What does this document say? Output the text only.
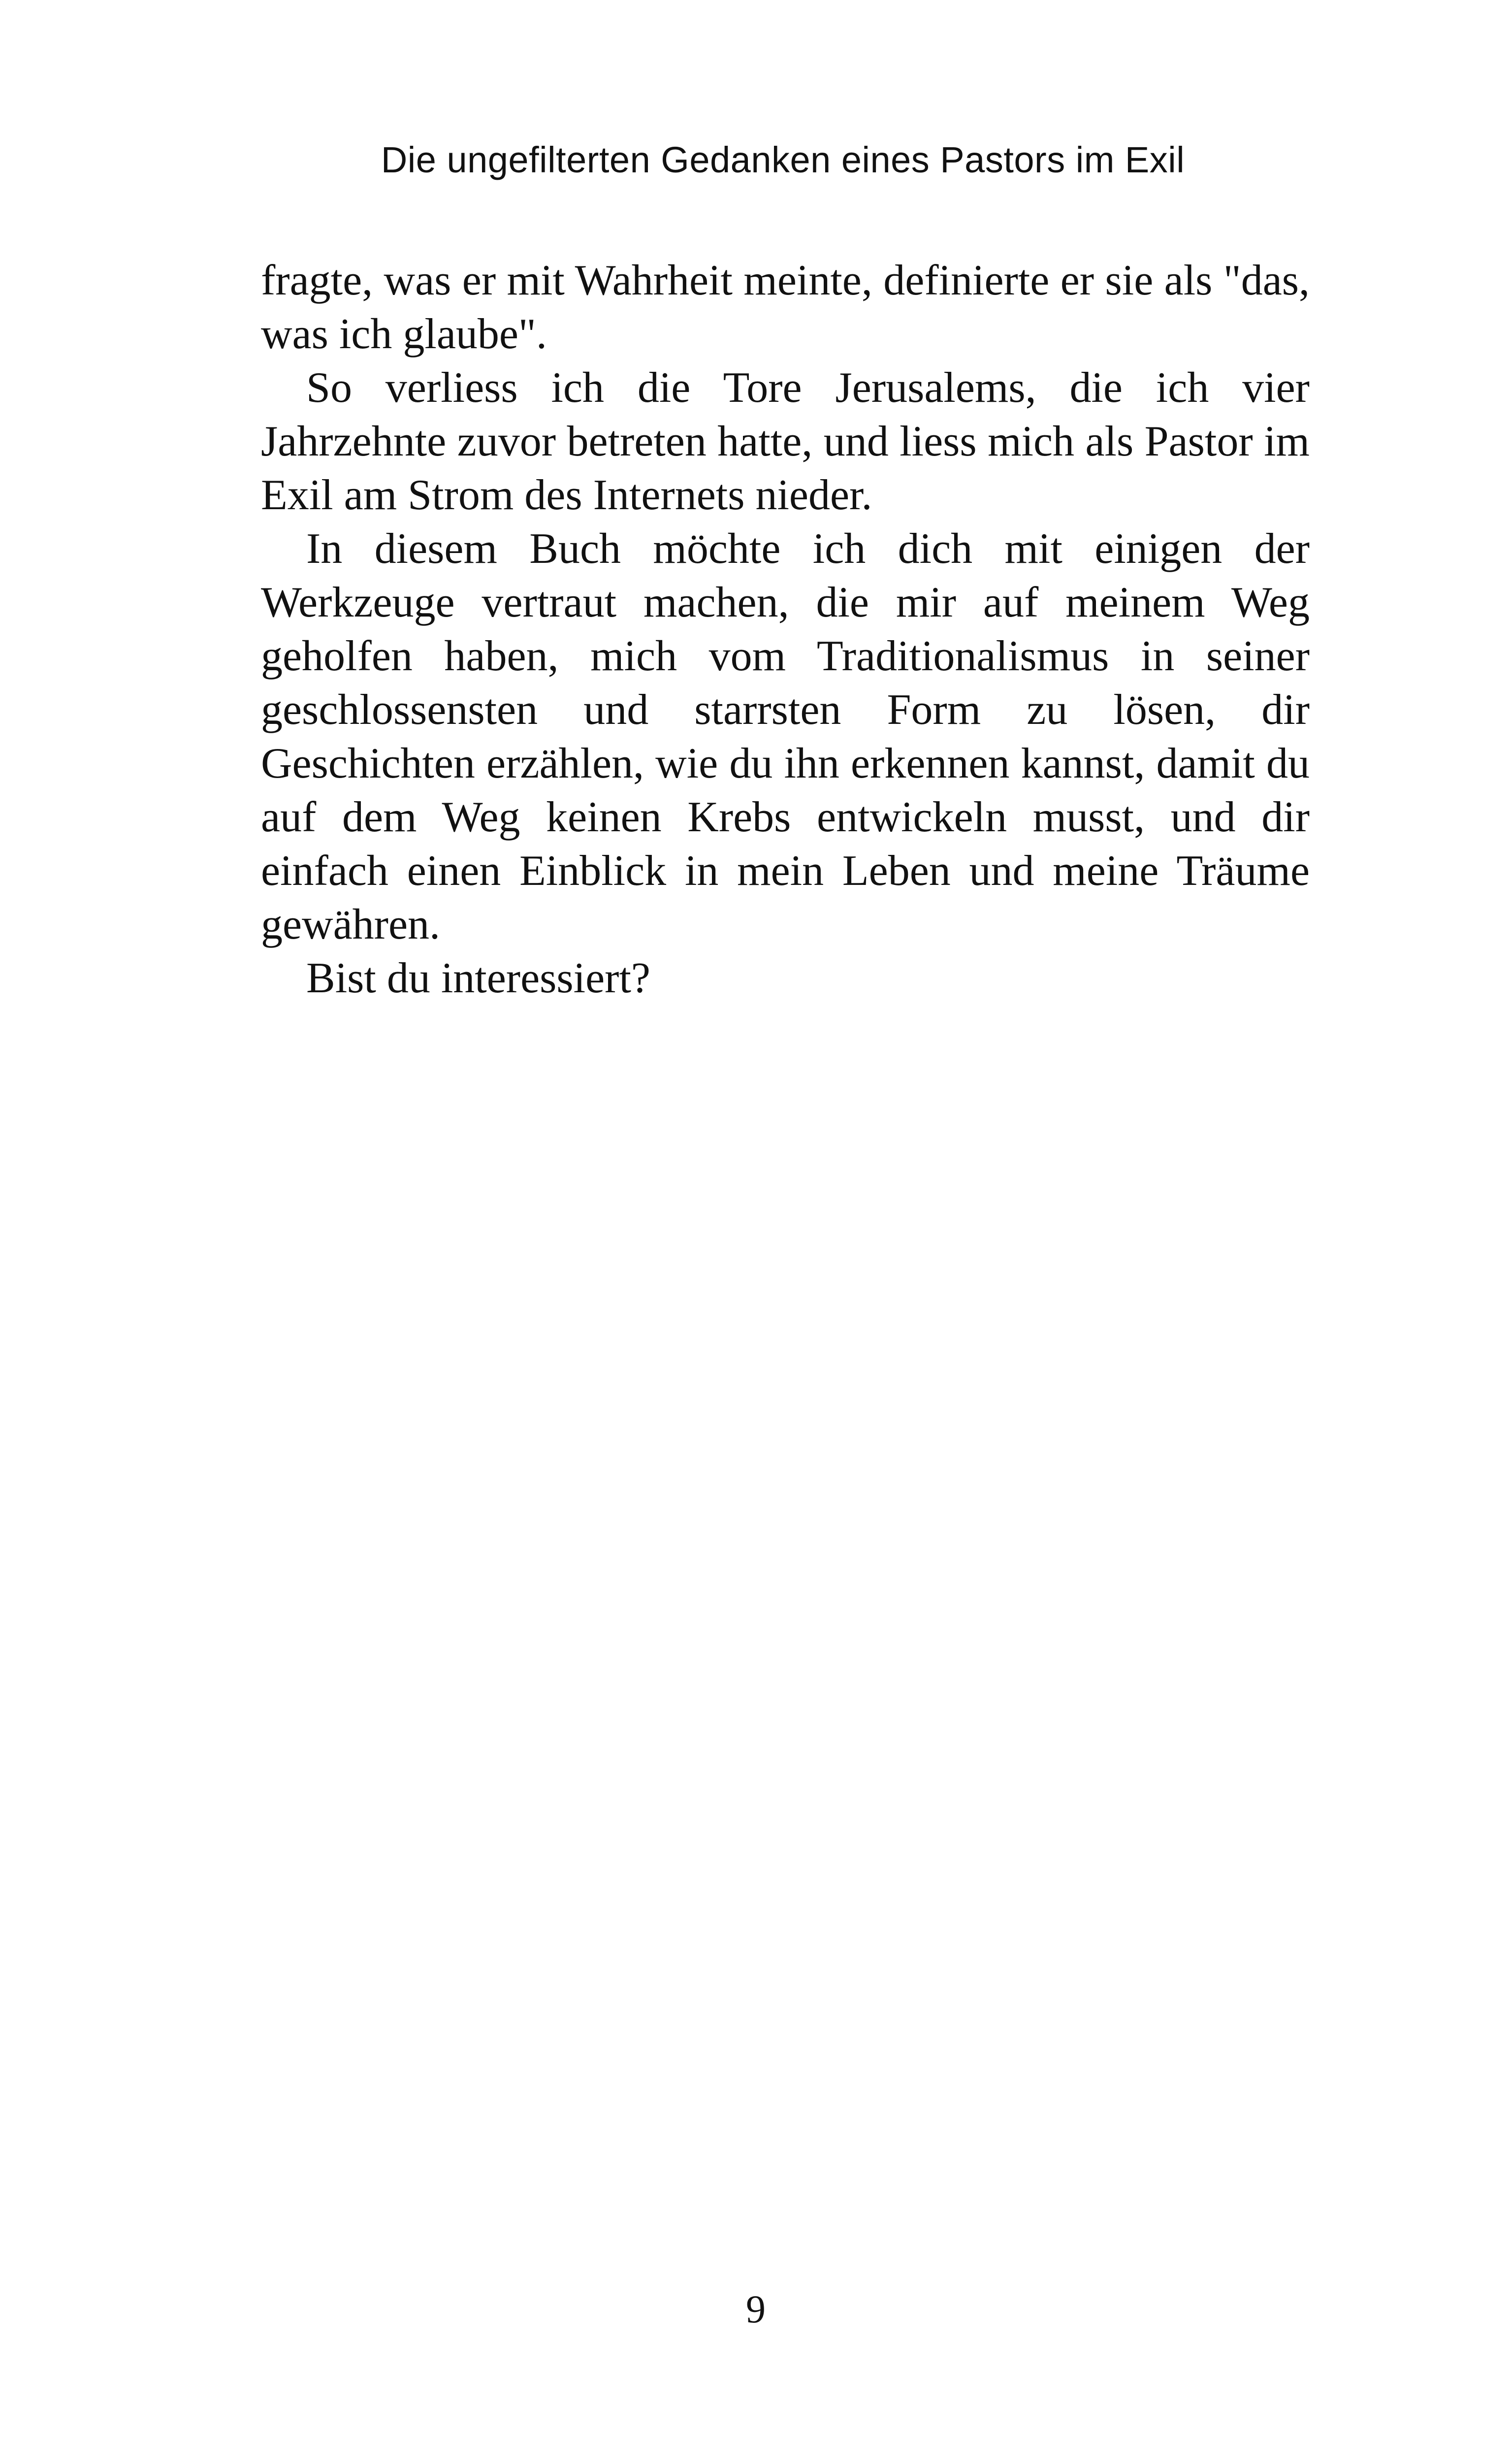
Die ungefilterten Gedanken eines Pastors im Exil

fragte, was er mit Wahrheit meinte, definierte er sie als "das, was ich glaube".

So verliess ich die Tore Jerusalems, die ich vier Jahrzehnte zuvor betreten hatte, und liess mich als Pastor im Exil am Strom des Internets nieder.

In diesem Buch möchte ich dich mit einigen der Werkzeuge vertraut machen, die mir auf meinem Weg geholfen haben, mich vom Traditionalismus in seiner geschlossensten und starrsten Form zu lösen, dir Geschichten erzählen, wie du ihn erkennen kannst, damit du auf dem Weg keinen Krebs entwickeln musst, und dir einfach einen Einblick in mein Leben und meine Träume gewähren.

Bist du interessiert?

9
